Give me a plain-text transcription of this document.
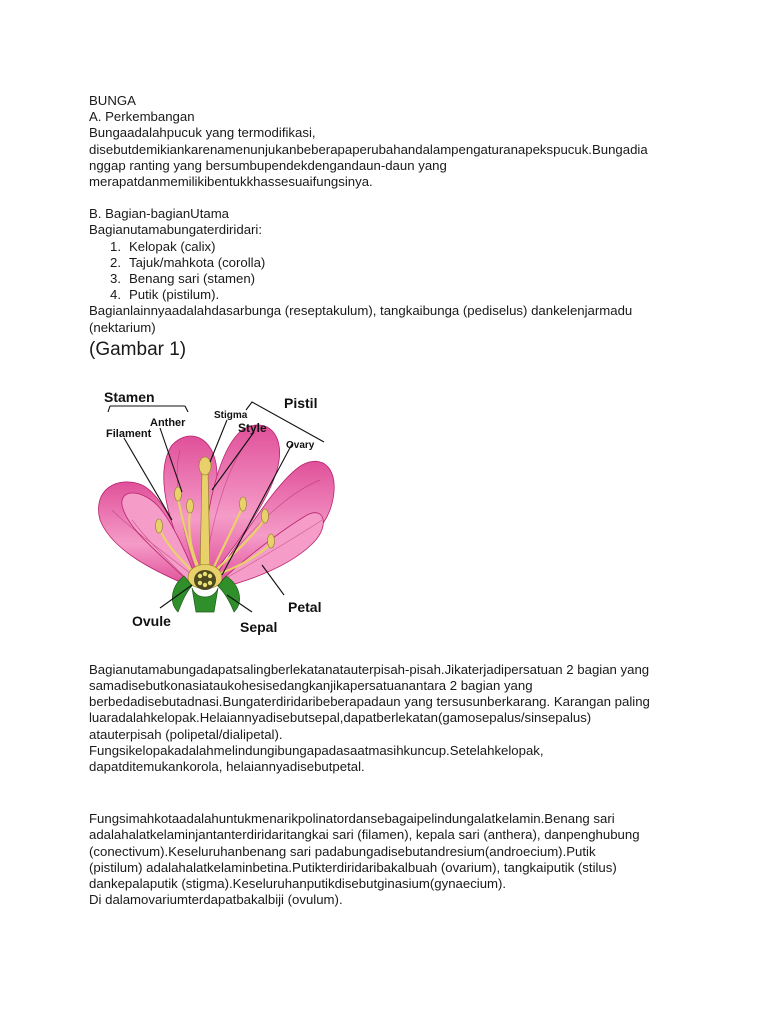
BUNGA
A. Perkembangan
Bungaadalahpucuk yang termodifikasi,
disebutdemikiankarenamenunjukanbeberapaperubahandalampengaturanapekspucuk.Bungadia
nggap ranting yang bersumbupendekdengandaun-daun yang
merapatdanmemilikibentukkhassesuaifungsinya.
B. Bagian-bagianUtama
Bagianutamabungaterdiridari:
1. Kelopak (calix)
2. Tajuk/mahkota (corolla)
3. Benang sari (stamen)
4. Putik (pistilum).
Bagianlainnyaadalahdasarbunga (reseptakulum), tangkaibunga (pediselus) dankelenjarmadu
(nektarium)
(Gambar 1)
Stamen
Anther
Filament
Stigma
Style
Pistil
Ovary
Petal
Ovule	Sepal
Bagianutamabungadapatsalingberlekatanatauterpisah-pisah.Jikaterjadipersatuan 2 bagian yang
samadisebutkonasiataukohesisedangkanjikapersatuanantara 2 bagian yang
berbedadisebutadnasi.Bungaterdiridaribeberapadaun yang tersusunberkarang. Karangan paling
luaradalahkelopak.Helaiannyadisebutsepal,dapatberlekatan(gamosepalus/sinsepalus)
atauterpisah (polipetal/dialipetal).
Fungsikelopakadalahmelindungibungapadasaatmasihkuncup.Setelahkelopak,
dapatditemukankorola, helaiannyadisebutpetal.
Fungsimahkotaadalahuntukmenarikpolinatordansebagaipelindungalatkelamin.Benang sari
adalahalatkelaminjantanterdiridaritangkai sari (filamen), kepala sari (anthera), danpenghubung
(conectivum).Keseluruhanbenang sari padabungadisebutandresium(androecium).Putik
(pistilum) adalahalatkelaminbetina.Putikterdiridaribakalbuah (ovarium), tangkaiputik (stilus)
dankepalaputik (stigma).Keseluruhanputikdisebutginasium(gynaecium).
Di dalamovariumterdapatbakalbiji (ovulum).
